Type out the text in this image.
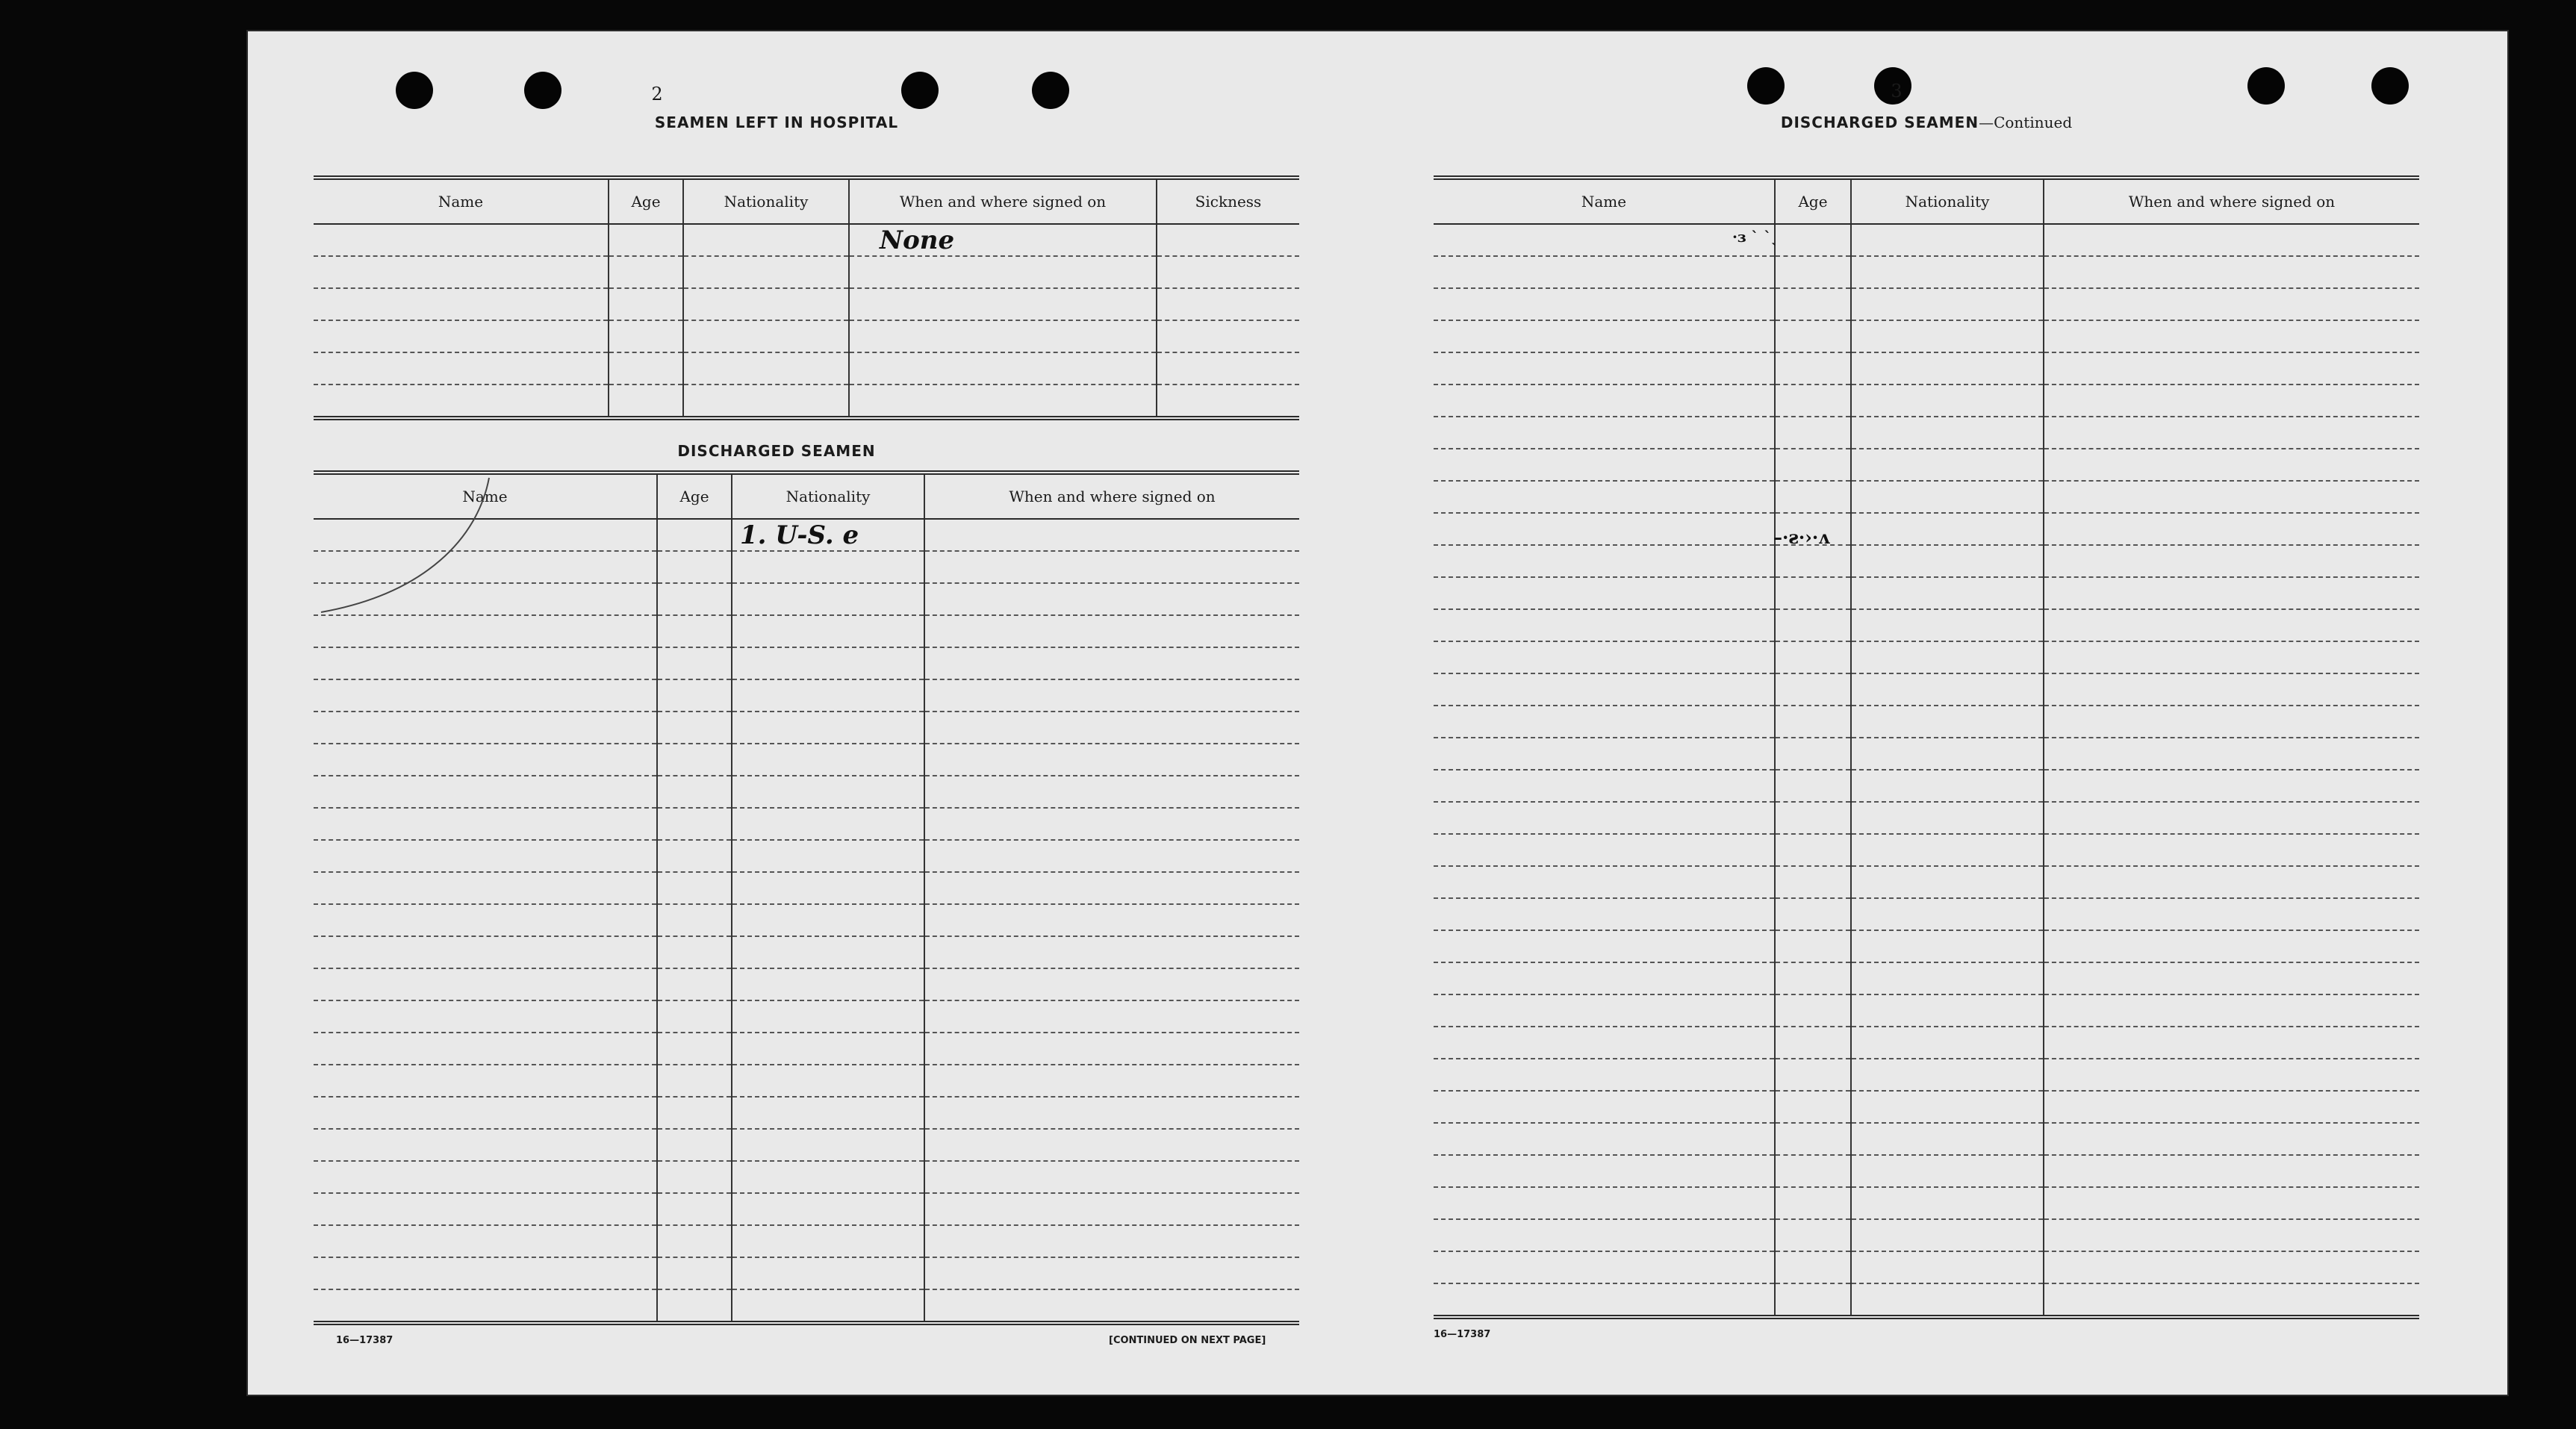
2
SEAMEN LEFT IN HOSPITAL
Name	Age	Nationality	When and where signed on	Sickness
			None	

DISCHARGED SEAMEN
Name	Age	Nationality	When and where signed on
		1. U-S. e	

16—17387	[CONTINUED ON NEXT PAGE]
3
DISCHARGED SEAMEN—Continued
Name	Age	Nationality	When and where signed on

·ɜ ˋ ˋˎ
–·ƨ·›·ʌ
16—17387
